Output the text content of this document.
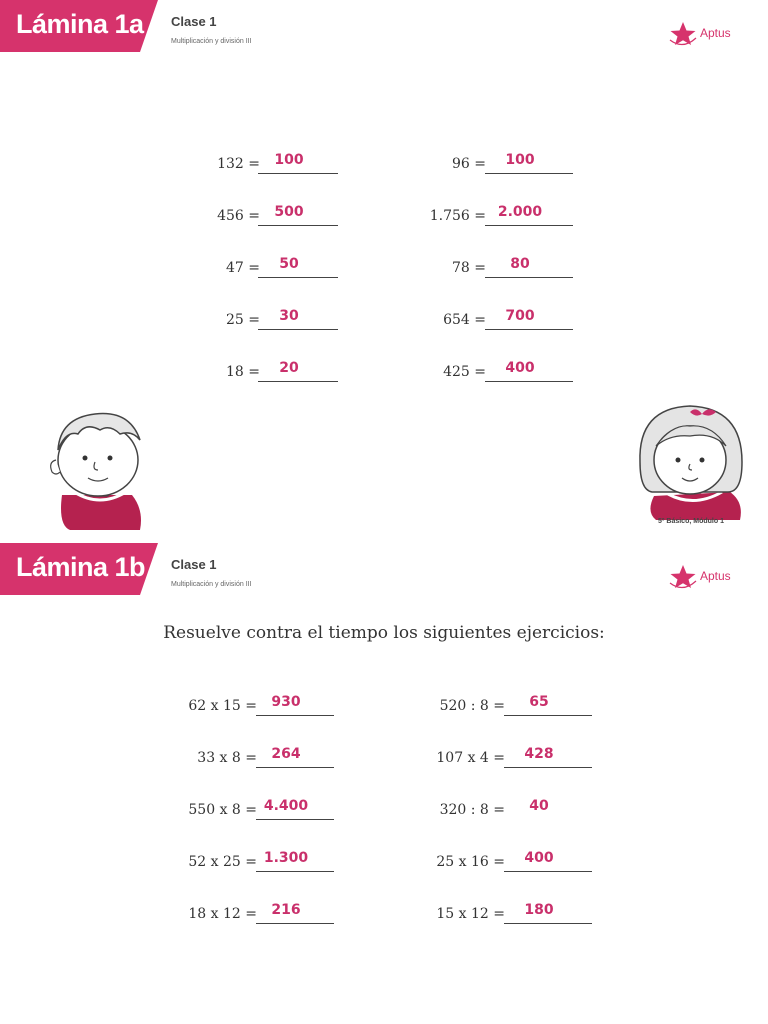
Lámina 1a Clase 1
Multiplicación y división III
Aptus
132 =	100
456 =	500
47 =	50
25 =	30
18 =	20
96 =	100
1.756 = 2.000
78 =	80
654 =	700
425 =	400
5º Básico, Módulo 1
Lámina 1b Clase 1
Multiplicación y división III
Aptus
Resuelve contra el tiempo los siguientes ejercicios:
62 x 15 =	930
33 x 8 =	264
550 x 8 = 4.400
52 x 25 = 1.300
18 x 12 =	216
520 : 8 =	65
107 x 4 =	428
320 : 8 =	40
25 x 16 =	400
15 x 12 =	180
